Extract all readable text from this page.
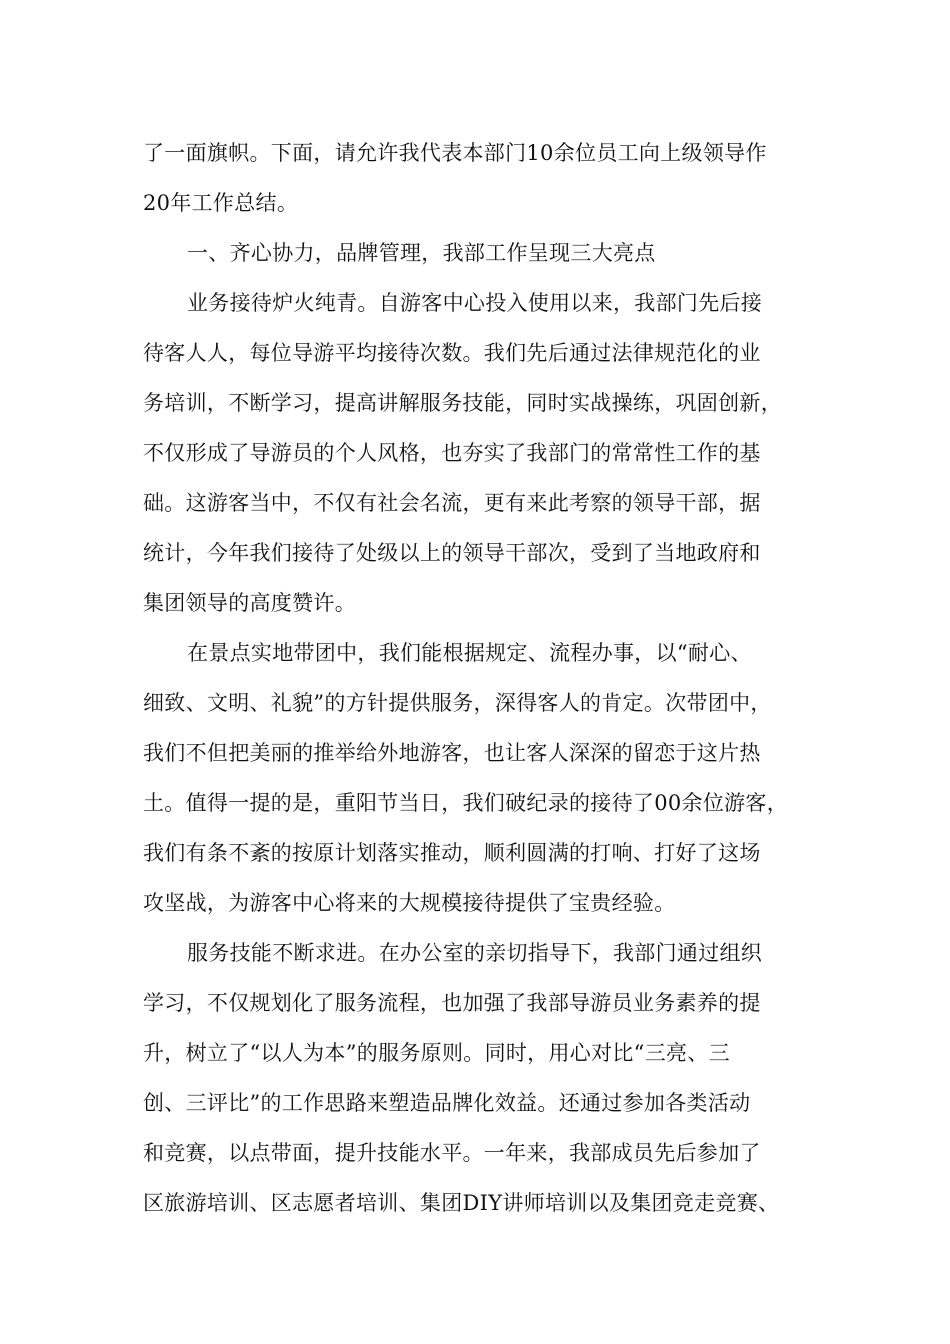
了一面旗帜。下面，请允许我代表本部门10余位员工向上级领导作
20年工作总结。
一、齐心协力，品牌管理，我部工作呈现三大亮点
业务接待炉火纯青。自游客中心投入使用以来，我部门先后接
待客人人，每位导游平均接待次数。我们先后通过法律规范化的业
务培训，不断学习，提高讲解服务技能，同时实战操练，巩固创新，
不仅形成了导游员的个人风格，也夯实了我部门的常常性工作的基
础。这游客当中，不仅有社会名流，更有来此考察的领导干部，据
统计，今年我们接待了处级以上的领导干部次，受到了当地政府和
集团领导的高度赞许。
在景点实地带团中，我们能根据规定、流程办事，以“耐心、
细致、文明、礼貌”的方针提供服务，深得客人的肯定。次带团中，
我们不但把美丽的推举给外地游客，也让客人深深的留恋于这片热
土。值得一提的是，重阳节当日，我们破纪录的接待了00余位游客，
我们有条不紊的按原计划落实推动，顺利圆满的打响、打好了这场
攻坚战，为游客中心将来的大规模接待提供了宝贵经验。
服务技能不断求进。在办公室的亲切指导下，我部门通过组织
学习，不仅规划化了服务流程，也加强了我部导游员业务素养的提
升，树立了“以人为本”的服务原则。同时，用心对比“三亮、三
创、三评比”的工作思路来塑造品牌化效益。还通过参加各类活动
和竞赛，以点带面，提升技能水平。一年来，我部成员先后参加了
区旅游培训、区志愿者培训、集团DIY讲师培训以及集团竞走竞赛、
